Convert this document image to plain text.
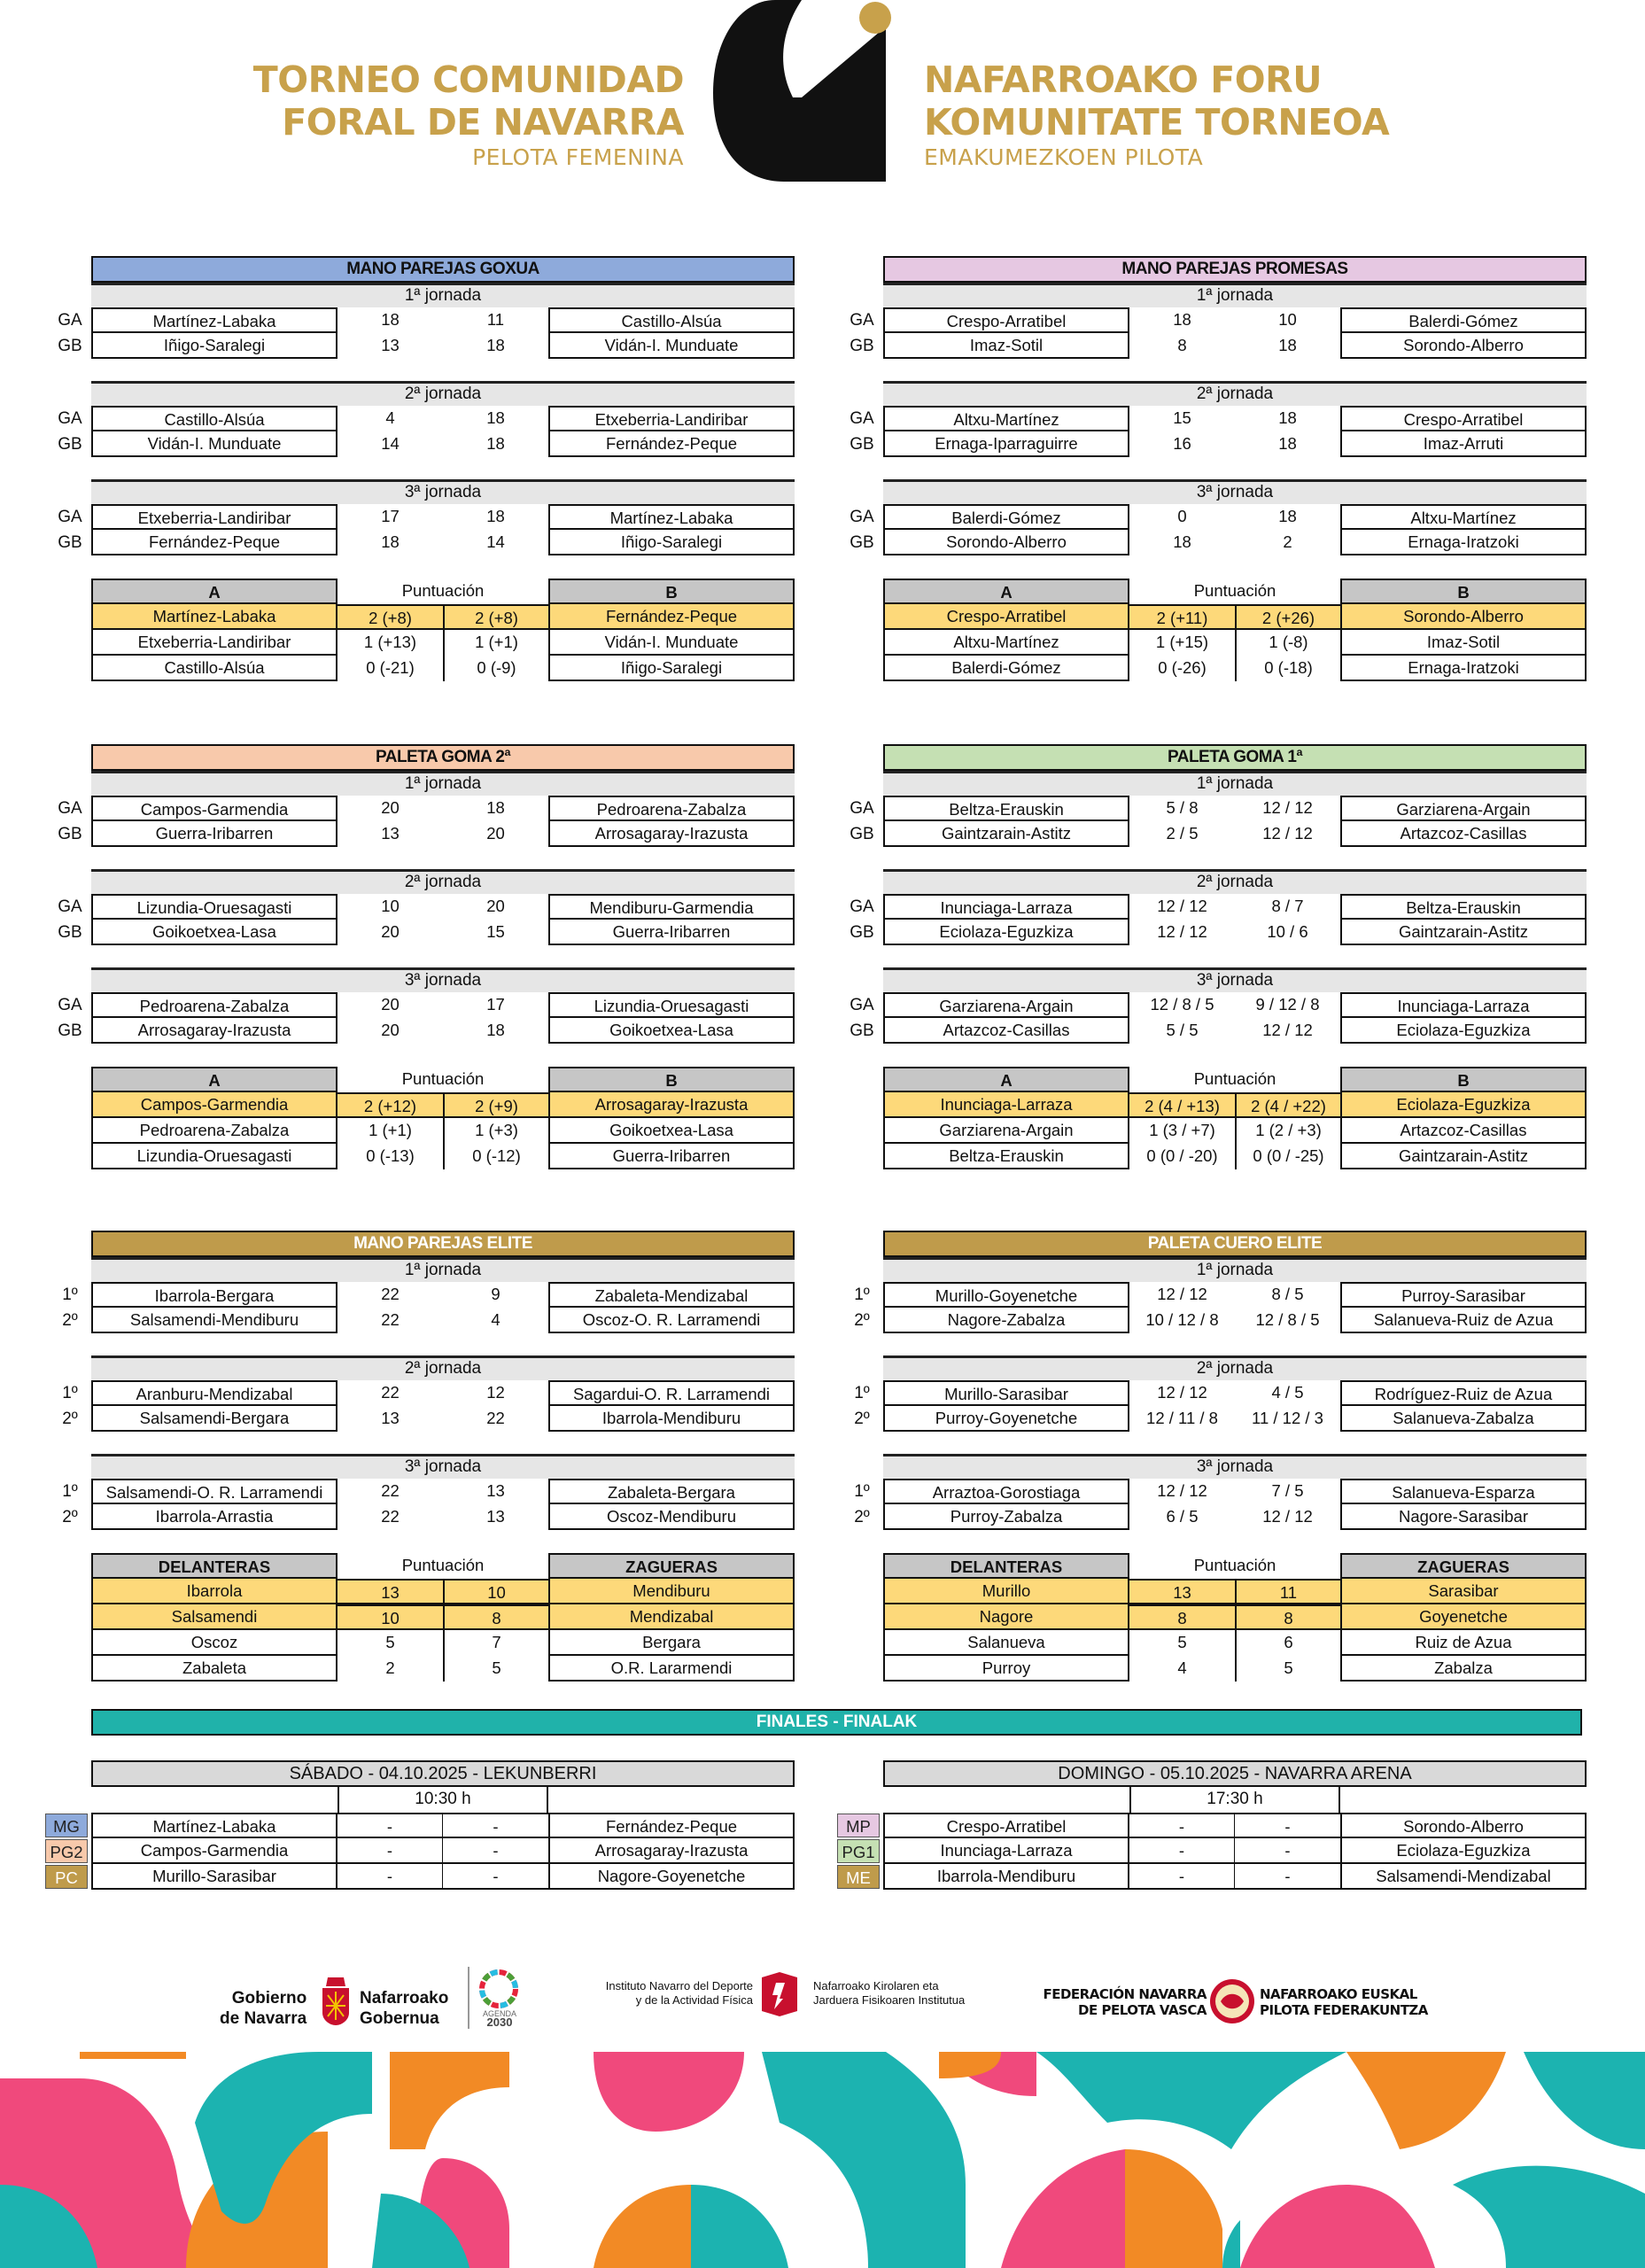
TORNEO COMUNIDAD
FORAL DE NAVARRA
PELOTA FEMENINA
NAFARROAKO FORU
KOMUNITATE TORNEOA
EMAKUMEZKOEN PILOTA
MANO PAREJAS GOXUA
1ª jornada
GA	Martínez-Labaka	18	11	Castillo-Alsúa
GB	Iñigo-Saralegi	13	18	Vidán-I. Munduate
2ª jornada
GA	Castillo-Alsúa	4	18	Etxeberria-Landiribar
GB	Vidán-I. Munduate	14	18	Fernández-Peque
3ª jornada
GA	Etxeberria-Landiribar	17	18	Martínez-Labaka
GB	Fernández-Peque	18	14	Iñigo-Saralegi
A	Puntuación	B
Martínez-Labaka	2 (+8)	2 (+8)	Fernández-Peque
Etxeberria-Landiribar	1 (+13)	1 (+1)	Vidán-I. Munduate
Castillo-Alsúa	0 (-21)	0 (-9)	Iñigo-Saralegi
MANO PAREJAS PROMESAS
1ª jornada
GA	Crespo-Arratibel	18	10	Balerdi-Gómez
GB	Imaz-Sotil	8	18	Sorondo-Alberro
2ª jornada
GA	Altxu-Martínez	15	18	Crespo-Arratibel
GB	Ernaga-Iparraguirre	16	18	Imaz-Arruti
3ª jornada
GA	Balerdi-Gómez	0	18	Altxu-Martínez
GB	Sorondo-Alberro	18	2	Ernaga-Iratzoki
A	Puntuación	B
Crespo-Arratibel	2 (+11)	2 (+26)	Sorondo-Alberro
Altxu-Martínez	1 (+15)	1 (-8)	Imaz-Sotil
Balerdi-Gómez	0 (-26)	0 (-18)	Ernaga-Iratzoki
PALETA GOMA 2ª
1ª jornada
GA	Campos-Garmendia	20	18	Pedroarena-Zabalza
GB	Guerra-Iribarren	13	20	Arrosagaray-Irazusta
2ª jornada
GA	Lizundia-Oruesagasti	10	20	Mendiburu-Garmendia
GB	Goikoetxea-Lasa	20	15	Guerra-Iribarren
3ª jornada
GA	Pedroarena-Zabalza	20	17	Lizundia-Oruesagasti
GB	Arrosagaray-Irazusta	20	18	Goikoetxea-Lasa
A	Puntuación	B
Campos-Garmendia	2 (+12)	2 (+9)	Arrosagaray-Irazusta
Pedroarena-Zabalza	1 (+1)	1 (+3)	Goikoetxea-Lasa
Lizundia-Oruesagasti	0 (-13)	0 (-12)	Guerra-Iribarren
PALETA GOMA 1ª
1ª jornada
GA	Beltza-Erauskin	5 / 8	12 / 12	Garziarena-Argain
GB	Gaintzarain-Astitz	2 / 5	12 / 12	Artazcoz-Casillas
2ª jornada
GA	Inunciaga-Larraza	12 / 12	8 / 7	Beltza-Erauskin
GB	Eciolaza-Eguzkiza	12 / 12	10 / 6	Gaintzarain-Astitz
3ª jornada
GA	Garziarena-Argain	12 / 8 / 5	9 / 12 / 8	Inunciaga-Larraza
GB	Artazcoz-Casillas	5 / 5	12 / 12	Eciolaza-Eguzkiza
A	Puntuación	B
Inunciaga-Larraza	2 (4 / +13)	2 (4 / +22)	Eciolaza-Eguzkiza
Garziarena-Argain	1 (3 / +7)	1 (2 / +3)	Artazcoz-Casillas
Beltza-Erauskin	0 (0 / -20)	0 (0 / -25)	Gaintzarain-Astitz
MANO PAREJAS ELITE
1ª jornada
1º	Ibarrola-Bergara	22	9	Zabaleta-Mendizabal
2º	Salsamendi-Mendiburu	22	4	Oscoz-O. R. Larramendi
2ª jornada
1º	Aranburu-Mendizabal	22	12	Sagardui-O. R. Larramendi
2º	Salsamendi-Bergara	13	22	Ibarrola-Mendiburu
3ª jornada
1º	Salsamendi-O. R. Larramendi	22	13	Zabaleta-Bergara
2º	Ibarrola-Arrastia	22	13	Oscoz-Mendiburu
DELANTERAS	Puntuación	ZAGUERAS
Ibarrola	13	10	Mendiburu
Salsamendi	10	8	Mendizabal
Oscoz	5	7	Bergara
Zabaleta	2	5	O.R. Lararmendi
PALETA CUERO ELITE
1ª jornada
1º	Murillo-Goyenetche	12 / 12	8 / 5	Purroy-Sarasibar
2º	Nagore-Zabalza	10 / 12 / 8	12 / 8 / 5	Salanueva-Ruiz de Azua
2ª jornada
1º	Murillo-Sarasibar	12 / 12	4 / 5	Rodríguez-Ruiz de Azua
2º	Purroy-Goyenetche	12 / 11 / 8	11 / 12 / 3	Salanueva-Zabalza
3ª jornada
1º	Arraztoa-Gorostiaga	12 / 12	7 / 5	Salanueva-Esparza
2º	Purroy-Zabalza	6 / 5	12 / 12	Nagore-Sarasibar
DELANTERAS	Puntuación	ZAGUERAS
Murillo	13	11	Sarasibar
Nagore	8	8	Goyenetche
Salanueva	5	6	Ruiz de Azua
Purroy	4	5	Zabalza
FINALES - FINALAK
SÁBADO - 04.10.2025 - LEKUNBERRI
10:30 h
MG	Martínez-Labaka	-	-	Fernández-Peque
PG2	Campos-Garmendia	-	-	Arrosagaray-Irazusta
PC	Murillo-Sarasibar	-	-	Nagore-Goyenetche
DOMINGO - 05.10.2025 - NAVARRA ARENA
17:30 h
MP	Crespo-Arratibel	-	-	Sorondo-Alberro
PG1	Inunciaga-Larraza	-	-	Eciolaza-Eguzkiza
ME	Ibarrola-Mendiburu	-	-	Salsamendi-Mendizabal
Gobierno
de Navarra
Nafarroako
Gobernua	AGENDA
2030
Instituto Navarro del Deporte
y de la Actividad Física
Nafarroako Kirolaren eta
Jarduera Fisikoaren Institutua	FEDERACIÓN NAVARRA
DE PELOTA VASCA
NAFARROAKO EUSKAL
PILOTA FEDERAKUNTZA
